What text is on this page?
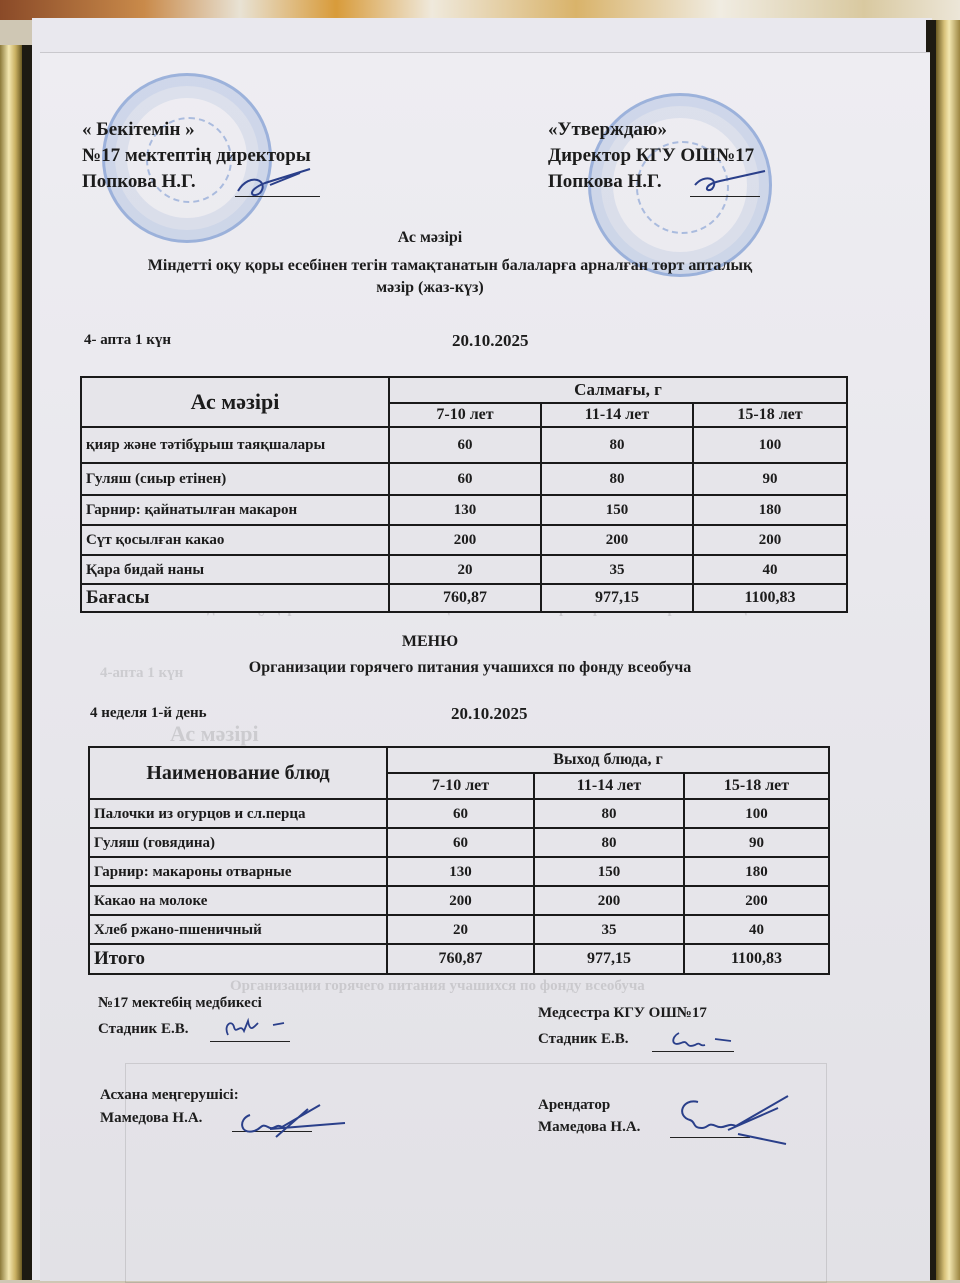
4-апта 1 күн
Ас мәзірі
Организации горячего питания учашихся по фонду всеобуча
« Бекітемін »
№17 мектептің директоры
Попкова Н.Г.
«Утверждаю»
Директор КГУ ОШ№17
Попкова Н.Г.
Ас мәзірі
Міндетті оқу қоры есебінен тегін тамақтанатын балаларға арналған төрт апталық
мәзір (жаз-күз)
4- апта 1 күн	20.10.2025
Ас мәзірі	Салмағы, г		
	7-10 лет	11-14 лет	15-18 лет
қияр және тәтібұрыш таяқшалары	60	80	100
Гуляш (сиыр етінен)	60	80	90
Гарнир: қайнатылған макарон	130	150	180
Сүт қосылған какао	200	200	200
Қара бидай наны	20	35	40
Бағасы	760,87	977,15	1100,83
МЕНЮ
Организации горячего питания учашихся по фонду всеобуча
4 неделя 1-й день	20.10.2025
Наименование блюд	Выход блюда, г		
	7-10 лет	11-14 лет	15-18 лет
Палочки из огурцов и сл.перца	60	80	100
Гуляш (говядина)	60	80	90
Гарнир: макароны отварные	130	150	180
Какао на молоке	200	200	200
Хлеб ржано-пшеничный	20	35	40
Итого	760,87	977,15	1100,83
№17 мектебің медбикесі
Стадник Е.В.
Медсестра КГУ ОШ№17
Стадник Е.В.
Асхана меңгерушісі:
Мамедова Н.А.
Арендатор
Мамедова Н.А.
